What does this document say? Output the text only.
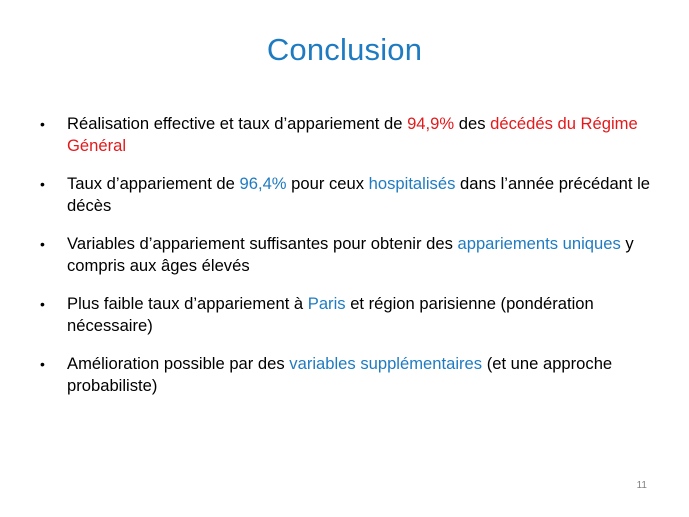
Conclusion
•	Réalisation effective et taux d’appariement de 94,9% des décédés du Régime Général
•	Taux d’appariement de 96,4% pour ceux hospitalisés dans l’année précédant le décès
•	Variables d’appariement suffisantes pour obtenir des appariements uniques y compris aux âges élevés
•	Plus faible taux d’appariement à Paris et région parisienne (pondération nécessaire)
•	Amélioration possible par des variables supplémentaires (et une approche probabiliste)
11
